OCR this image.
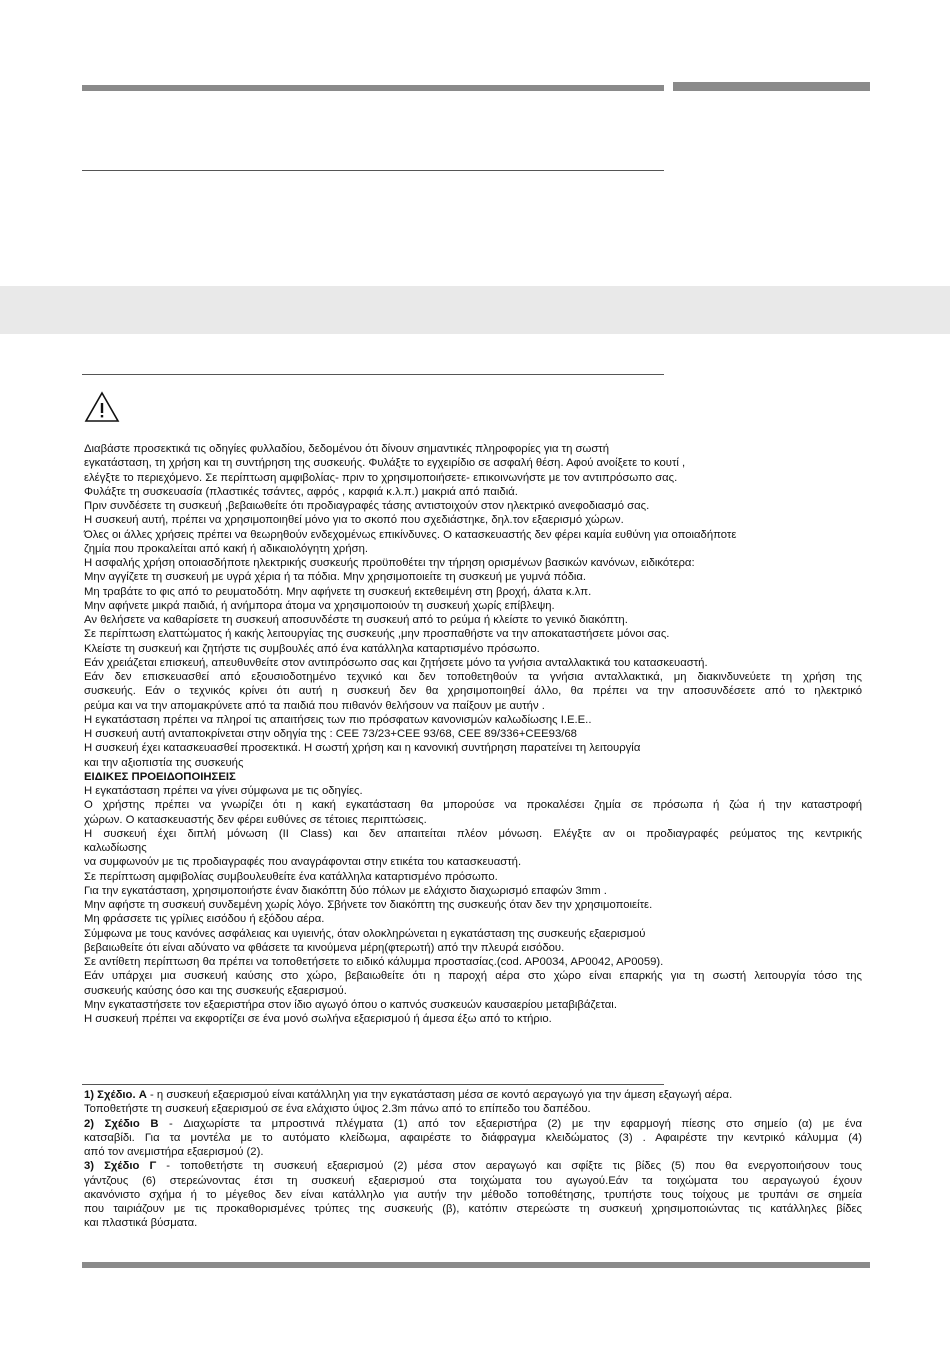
Διαβάστε προσεκτικά τις οδηγίες φυλλαδίου, δεδομένου ότι δίνουν σημαντικές πληροφορίες για τη σωστή

εγκατάσταση, τη χρήση και τη συντήρηση της συσκευής. Φυλάξτε το εγχειρίδιο σε ασφαλή θέση. Αφού ανοίξετε το κουτί ,

ελέγξτε το περιεχόμενο. Σε περίπτωση αμφιβολίας- πριν το χρησιμοποιήσετε- επικοινωνήστε με τον αντιπρόσωπο σας.

Φυλάξτε τη συσκευασία (πλαστικές τσάντες, αφρός , καρφιά κ.λ.π.) μακριά από παιδιά.

Πριν συνδέσετε τη συσκευή ,βεβαιωθείτε ότι προδιαγραφές τάσης αντιστοιχούν στον ηλεκτρικό ανεφοδιασμό σας.

Η συσκευή αυτή, πρέπει να χρησιμοποιηθεί μόνο για το σκοπό που σχεδιάστηκε, δηλ.τον εξαερισμό χώρων.

Όλες οι άλλες χρήσεις πρέπει να θεωρηθούν ενδεχομένως επικίνδυνες. Ο κατασκευαστής δεν φέρει καμία ευθύνη για οποιαδήποτε

ζημία που προκαλείται από κακή ή αδικαιολόγητη χρήση.

Η ασφαλής χρήση οποιασδήποτε ηλεκτρικής συσκευής προϋποθέτει την τήρηση ορισμένων βασικών κανόνων, ειδικότερα:

Μην αγγίζετε τη συσκευή με υγρά χέρια ή τα πόδια. Μην χρησιμοποιείτε τη συσκευή με γυμνά πόδια.

Μη τραβάτε το φις από το ρευματοδότη. Μην αφήνετε τη συσκευή εκτεθειμένη στη βροχή, άλατα κ.λπ.

Μην αφήνετε μικρά παιδιά, ή ανήμπορα άτομα να χρησιμοποιούν τη συσκευή χωρίς επίβλεψη.

Αν θελήσετε να καθαρίσετε τη συσκευή αποσυνδέστε τη συσκευή από το ρεύμα ή κλείστε το γενικό διακόπτη.

Σε περίπτωση ελαττώματος ή κακής λειτουργίας της συσκευής ,μην προσπαθήστε να την αποκαταστήσετε μόνοι σας.

Κλείστε τη συσκευή και ζητήστε τις συμβουλές από ένα κατάλληλα καταρτισμένο πρόσωπο.

Εάν χρειάζεται επισκευή, απευθυνθείτε στον αντιπρόσωπο σας και ζητήσετε μόνο τα γνήσια ανταλλακτικά του κατασκευαστή.

Εάν δεν επισκευασθεί από εξουσιοδοτημένο τεχνικό και δεν τοποθετηθούν τα γνήσια ανταλλακτικά, μη διακινδυνεύετε τη χρήση της

συσκευής. Εάν ο τεχνικός κρίνει ότι αυτή η συσκευή δεν θα χρησιμοποιηθεί άλλο, θα πρέπει να την αποσυνδέσετε από το ηλεκτρικό

ρεύμα και να την απομακρύνετε από τα παιδιά που πιθανόν θελήσουν να παίξουν με αυτήν .

Η εγκατάσταση πρέπει να πληροί τις απαιτήσεις των πιο πρόσφατων κανονισμών καλωδίωσης I.E.E..

Η συσκευή αυτή ανταποκρίνεται στην οδηγία της : CEE 73/23+CEE 93/68, CEE 89/336+CEE93/68

Η συσκευή έχει κατασκευασθεί προσεκτικά. Η σωστή χρήση και η κανονική συντήρηση παρατείνει τη λειτουργία

και την αξιοπιστία της συσκευής

ΕΙΔΙΚΕΣ ΠΡΟΕΙΔΟΠΟΙΗΣΕΙΣ

Η εγκατάσταση πρέπει να γίνει σύμφωνα με τις οδηγίες.

Ο χρήστης πρέπει να γνωρίζει ότι η κακή εγκατάσταση θα μπορούσε να προκαλέσει ζημία σε πρόσωπα ή ζώα ή την καταστροφή

χώρων. Ο κατασκευαστής δεν φέρει ευθύνες σε τέτοιες περιπτώσεις.

Η συσκευή έχει διπλή μόνωση (II Class) και δεν απαιτείται πλέον μόνωση. Ελέγξτε αν οι προδιαγραφές ρεύματος της κεντρικής

καλωδίωσης

να συμφωνούν με τις προδιαγραφές που αναγράφονται στην ετικέτα του κατασκευαστή.

Σε περίπτωση αμφιβολίας συμβουλευθείτε ένα κατάλληλα καταρτισμένο πρόσωπο.

Για την εγκατάσταση, χρησιμοποιήστε έναν διακόπτη δύο πόλων με ελάχιστο διαχωρισμό επαφών 3mm .

Μην αφήστε τη συσκευή συνδεμένη χωρίς λόγο. Σβήνετε τον διακόπτη της συσκευής όταν δεν την χρησιμοποιείτε.

Μη φράσσετε τις γρίλιες εισόδου ή εξόδου αέρα.

Σύμφωνα με τους κανόνες ασφάλειας και υγιεινής, όταν ολοκληρώνεται η εγκατάσταση της συσκευής εξαερισμού

βεβαιωθείτε ότι είναι αδύνατο να φθάσετε τα κινούμενα μέρη(φτερωτή) από την πλευρά εισόδου.

Σε αντίθετη περίπτωση θα πρέπει να τοποθετήσετε το ειδικό κάλυμμα προστασίας.(cod. AP0034, AP0042, AP0059).

Εάν υπάρχει μια συσκευή καύσης στο χώρο, βεβαιωθείτε ότι η παροχή αέρα στο χώρο είναι επαρκής για τη σωστή λειτουργία τόσο της

συσκευής καύσης όσο και της συσκευής εξαερισμού.

Μην εγκαταστήσετε τον εξαεριστήρα στον ίδιο αγωγό όπου ο καπνός συσκευών καυσαερίου μεταβιβάζεται.

Η συσκευή πρέπει να εκφορτίζει σε ένα μονό σωλήνα εξαερισμού ή άμεσα έξω από το κτήριο.

1) Σχέδιο. A - η συσκευή εξαερισμού είναι κατάλληλη για την εγκατάσταση μέσα σε κοντό αεραγωγό για την άμεση εξαγωγή αέρα.

Τοποθετήστε τη συσκευή εξαερισμού σε ένα ελάχιστο ύψος 2.3m πάνω από το επίπεδο του δαπέδου.

2) Σχέδιο B - Διαχωρίστε τα μπροστινά πλέγματα (1) από τον εξαεριστήρα (2) με την εφαρμογή πίεσης στο σημείο (α) με ένα

κατσαβίδι. Για τα μοντέλα με το αυτόματο κλείδωμα, αφαιρέστε το διάφραγμα κλειδώματος (3) . Αφαιρέστε την κεντρικό κάλυμμα (4)

από τον ανεμιστήρα εξαερισμού (2).

3) Σχέδιο Γ - τοποθετήστε τη συσκευή εξαερισμού (2) μέσα στον αεραγωγό και σφίξτε τις βίδες (5) που θα ενεργοποιήσουν τους

γάντζους (6) στερεώνοντας έτσι τη συσκευή εξαερισμού στα τοιχώματα του αγωγού.Εάν τα τοιχώματα του αεραγωγού έχουν

ακανόνιστο σχήμα ή το μέγεθος δεν είναι κατάλληλο για αυτήν την μέθοδο τοποθέτησης, τρυπήστε τους τοίχους με τρυπάνι σε σημεία

που ταιριάζουν με τις προκαθορισμένες τρύπες της συσκευής (β), κατόπιν στερεώστε τη συσκευή χρησιμοποιώντας τις κατάλληλες βίδες

και πλαστικά βύσματα.
